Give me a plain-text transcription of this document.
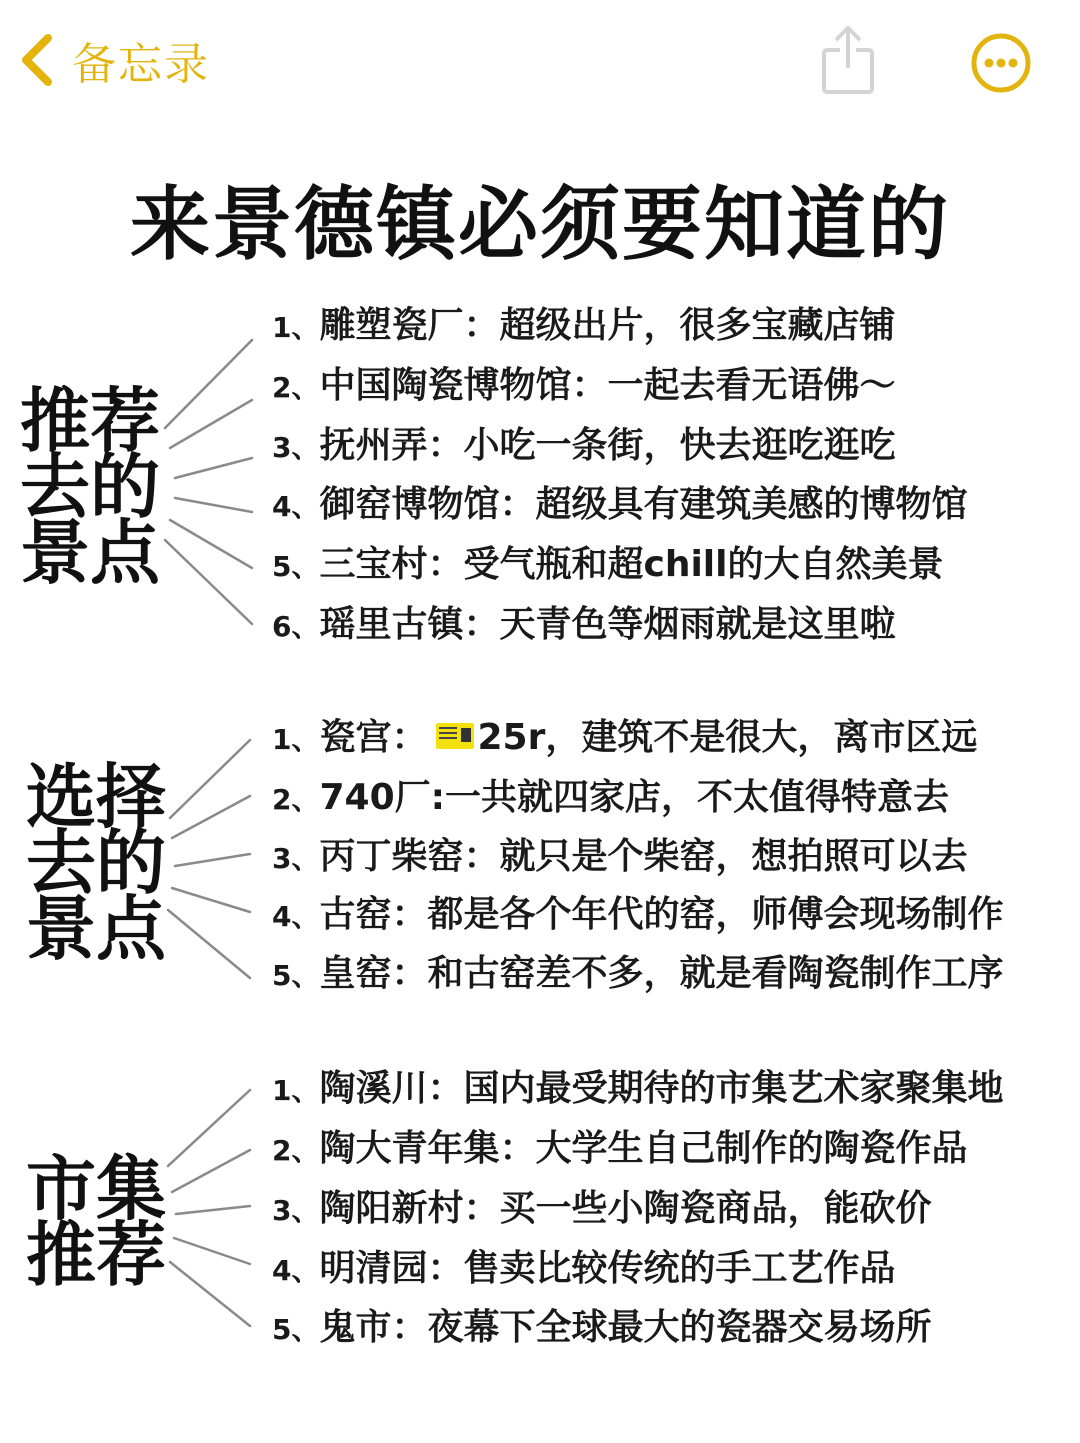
备忘录
来景德镇必须要知道的
推荐
去的
景点
1、雕塑瓷厂：超级出片，很多宝藏店铺
2、中国陶瓷博物馆：一起去看无语佛～
3、抚州弄：小吃一条街，快去逛吃逛吃
4、御窑博物馆：超级具有建筑美感的博物馆
5、三宝村：受气瓶和超chill的大自然美景
6、瑶里古镇：天青色等烟雨就是这里啦
选择
去的
景点
1、瓷宫： 25r，建筑不是很大，离市区远
2、740厂:一共就四家店，不太值得特意去
3、丙丁柴窑：就只是个柴窑，想拍照可以去
4、古窑：都是各个年代的窑，师傅会现场制作
5、皇窑：和古窑差不多，就是看陶瓷制作工序
市集
推荐
1、陶溪川：国内最受期待的市集艺术家聚集地
2、陶大青年集：大学生自己制作的陶瓷作品
3、陶阳新村：买一些小陶瓷商品，能砍价
4、明清园：售卖比较传统的手工艺作品
5、鬼市：夜幕下全球最大的瓷器交易场所
